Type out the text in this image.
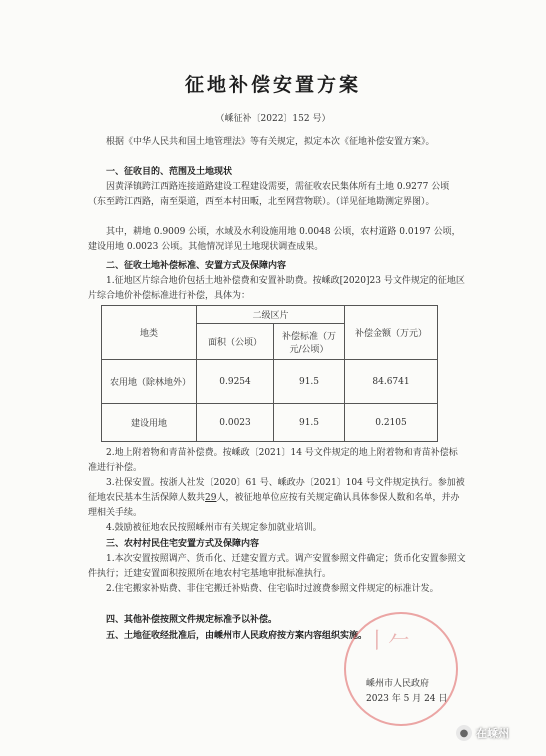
征地补偿安置方案
（嵊征补〔2022〕152 号）
根据《中华人民共和国土地管理法》等有关规定，拟定本次《征地补偿安置方案》。
一、征收目的、范围及土地现状
因黄泽镇跨江西路连接道路建设工程建设需要，需征收农民集体所有土地 0.9277 公顷（东至跨江西路，南至渠道，西至本村田畈，北至网营物联）。（详见征地勘测定界图）。
其中，耕地 0.9009 公顷，水域及水利设施用地 0.0048 公顷，农村道路 0.0197 公顷，建设用地 0.0023 公顷。其他情况详见土地现状调查成果。
二、征收土地补偿标准、安置方式及保障内容
1.征地区片综合地价包括土地补偿费和安置补助费。按嵊政[2020]23 号文件规定的征地区片综合地价补偿标准进行补偿，具体为：
地类	二级区片		补偿金额（万元）
	面积（公顷）	补偿标准（万元/公顷）	
农用地（除林地外）	0.9254	91.5	84.6741
建设用地	0.0023	91.5	0.2105
2.地上附着物和青苗补偿费。按嵊政〔2021〕14 号文件规定的地上附着物和青苗补偿标准进行补偿。
3.社保安置。按浙人社发〔2020〕61 号、嵊政办〔2021〕104 号文件规定执行。参加被征地农民基本生活保障人数共29人，被征地单位应按有关规定确认具体参保人数和名单，并办理相关手续。
4.鼓励被征地农民按照嵊州市有关规定参加就业培训。
三、农村村民住宅安置方式及保障内容
1.本次安置按照调产、货币化、迁建安置方式。调产安置参照文件确定；货币化安置参照文件执行；迁建安置面积按照所在地农村宅基地审批标准执行。
2.住宅搬家补贴费、非住宅搬迁补贴费、住宅临时过渡费参照文件规定的标准计发。
四、其他补偿按照文件规定标准予以补偿。
五、土地征收经批准后，由嵊州市人民政府按方案内容组织实施。
丨𠂉
嵊州市人民政府
2023 年 5 月 24 日
● 在嵊州
